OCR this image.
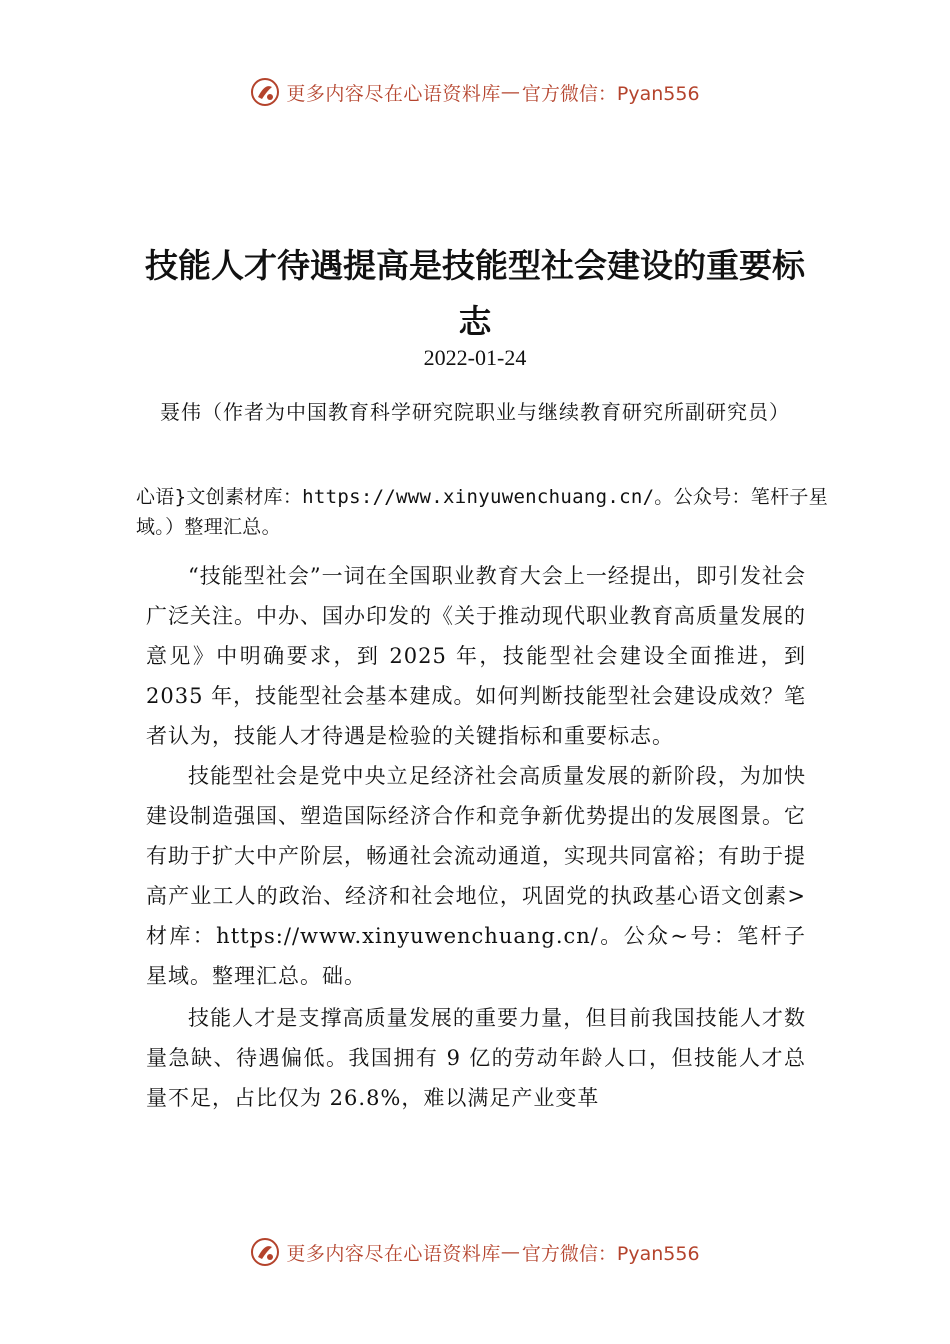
更多内容尽在心语资料库 — 官方微信：Pyan556
技能人才待遇提高是技能型社会建设的重要标志
2022-01-24
聂伟（作者为中国教育科学研究院职业与继续教育研究所副研究员）
心语}文创素材库：https://www.xinyuwenchuang.cn/。公众号：笔杆子星域。）整理汇总。

“技能型社会”一词在全国职业教育大会上一经提出，即引发社会广泛关注。中办、国办印发的《关于推动现代职业教育高质量发展的意见》中明确要求，到 2025 年，技能型社会建设全面推进，到 2035 年，技能型社会基本建成。如何判断技能型社会建设成效？笔者认为，技能人才待遇是检验的关键指标和重要标志。

技能型社会是党中央立足经济社会高质量发展的新阶段，为加快建设制造强国、塑造国际经济合作和竞争新优势提出的发展图景。它有助于扩大中产阶层，畅通社会流动通道，实现共同富裕；有助于提高产业工人的政治、经济和社会地位，巩固党的执政基心语文创素>材库：https://www.xinyuwenchuang.cn/。公众~号：笔杆子星域。整理汇总。础。

技能人才是支撑高质量发展的重要力量，但目前我国技能人才数量急缺、待遇偏低。我国拥有 9 亿的劳动年龄人口，但技能人才总量不足，占比仅为 26.8%，难以满足产业变革

更多内容尽在心语资料库 — 官方微信：Pyan556
